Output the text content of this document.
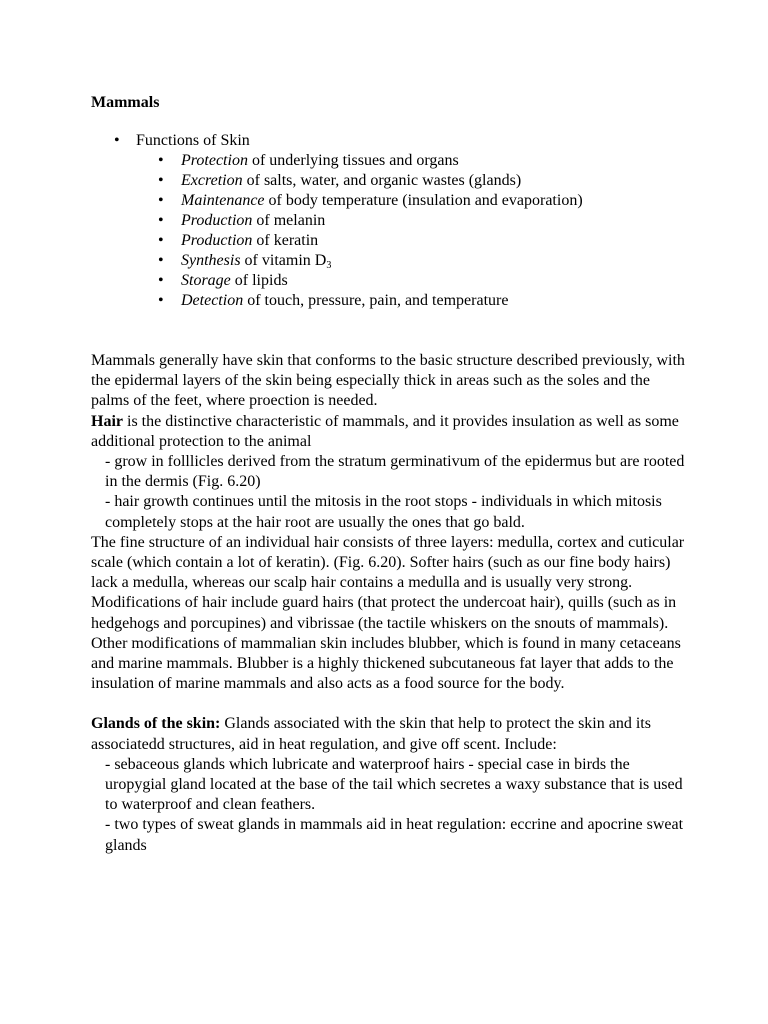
Mammals
• Functions of Skin
• Protection of underlying tissues and organs
• Excretion of salts, water, and organic wastes (glands)
• Maintenance of body temperature (insulation and evaporation)
• Production of melanin
• Production of keratin
• Synthesis of vitamin $D_3$
• Storage of lipids
• Detection of touch, pressure, pain, and temperature

Mammals generally have skin that conforms to the basic structure described previously, with the epidermal layers of the skin being especially thick in areas such as the soles and the palms of the feet, where proection is needed.

Hair is the distinctive characteristic of mammals, and it provides insulation as well as some additional protection to the animal

- grow in folllicles derived from the stratum germinativum of the epidermus but are rooted in the dermis (Fig. 6.20)

- hair growth continues until the mitosis in the root stops - individuals in which mitosis completely stops at the hair root are usually the ones that go bald.

The fine structure of an individual hair consists of three layers: medulla, cortex and cuticular scale (which contain a lot of keratin). (Fig. 6.20). Softer hairs (such as our fine body hairs) lack a medulla, whereas our scalp hair contains a medulla and is usually very strong.

Modifications of hair include guard hairs (that protect the undercoat hair), quills (such as in hedgehogs and porcupines) and vibrissae (the tactile whiskers on the snouts of mammals).

Other modifications of mammalian skin includes blubber, which is found in many cetaceans and marine mammals. Blubber is a highly thickened subcutaneous fat layer that adds to the insulation of marine mammals and also acts as a food source for the body.

Glands of the skin: Glands associated with the skin that help to protect the skin and its associatedd structures, aid in heat regulation, and give off scent. Include:

- sebaceous glands which lubricate and waterproof hairs - special case in birds the uropygial gland located at the base of the tail which secretes a waxy substance that is used to waterproof and clean feathers.

- two types of sweat glands in mammals aid in heat regulation: eccrine and apocrine sweat glands
